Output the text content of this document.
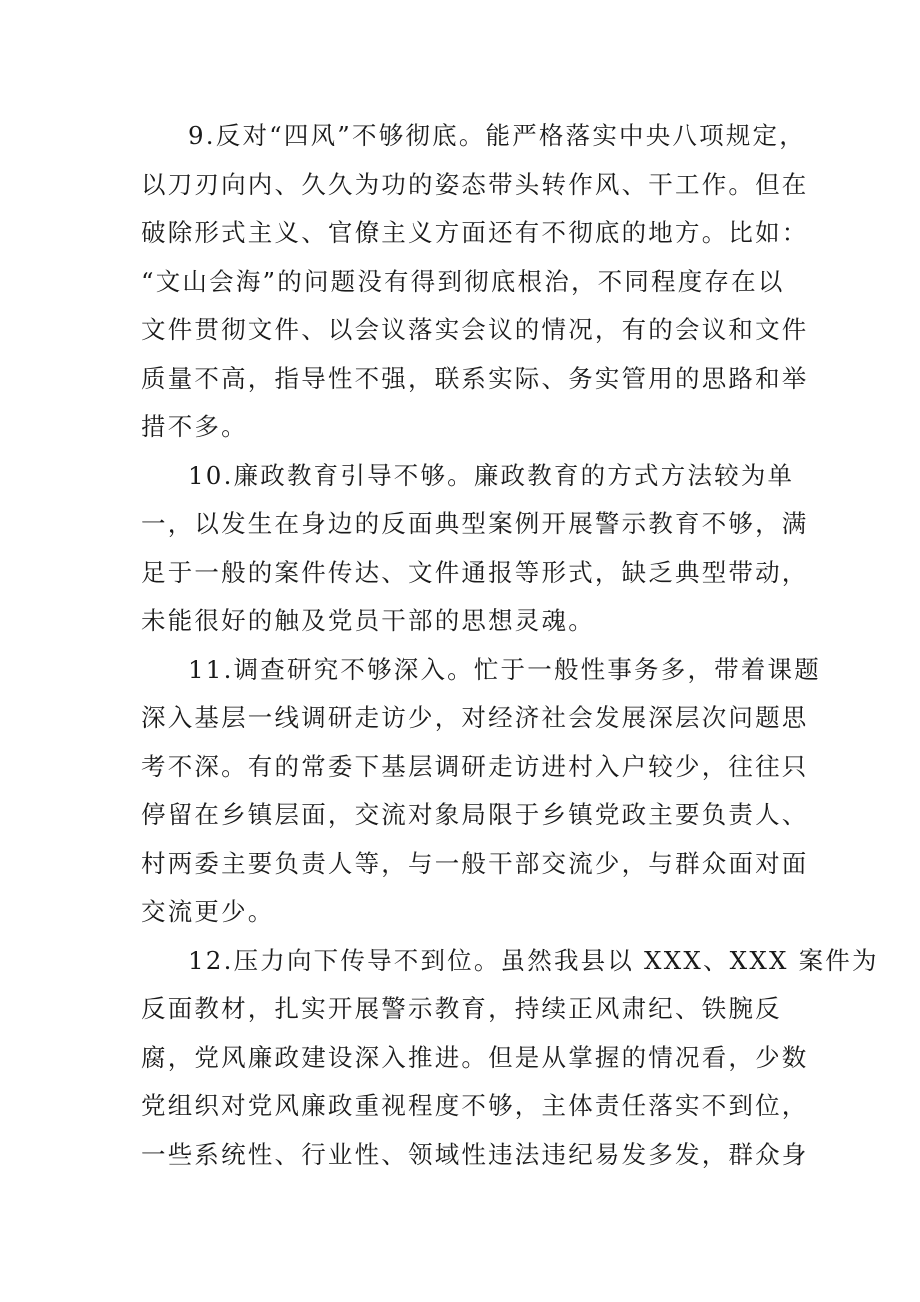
9.反对“四风”不够彻底。能严格落实中央八项规定，
以刀刃向内、久久为功的姿态带头转作风、干工作。但在
破除形式主义、官僚主义方面还有不彻底的地方。比如：
“文山会海”的问题没有得到彻底根治，不同程度存在以
文件贯彻文件、以会议落实会议的情况，有的会议和文件
质量不高，指导性不强，联系实际、务实管用的思路和举
措不多。
10.廉政教育引导不够。廉政教育的方式方法较为单
一，以发生在身边的反面典型案例开展警示教育不够，满
足于一般的案件传达、文件通报等形式，缺乏典型带动，
未能很好的触及党员干部的思想灵魂。
11.调查研究不够深入。忙于一般性事务多，带着课题
深入基层一线调研走访少，对经济社会发展深层次问题思
考不深。有的常委下基层调研走访进村入户较少，往往只
停留在乡镇层面，交流对象局限于乡镇党政主要负责人、
村两委主要负责人等，与一般干部交流少，与群众面对面
交流更少。
12.压力向下传导不到位。虽然我县以 XXX、XXX 案件为
反面教材，扎实开展警示教育，持续正风肃纪、铁腕反
腐，党风廉政建设深入推进。但是从掌握的情况看，少数
党组织对党风廉政重视程度不够，主体责任落实不到位，
一些系统性、行业性、领域性违法违纪易发多发，群众身
